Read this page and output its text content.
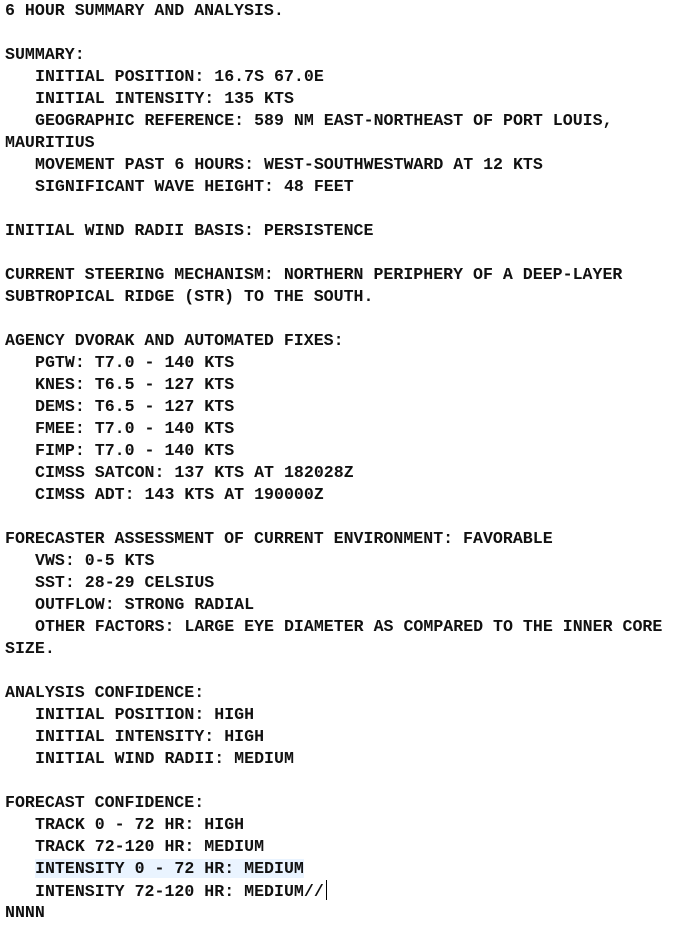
6 HOUR SUMMARY AND ANALYSIS.
SUMMARY:
INITIAL POSITION: 16.7S 67.0E
INITIAL INTENSITY: 135 KTS
GEOGRAPHIC REFERENCE: 589 NM EAST-NORTHEAST OF PORT LOUIS,
MAURITIUS
MOVEMENT PAST 6 HOURS: WEST-SOUTHWESTWARD AT 12 KTS
SIGNIFICANT WAVE HEIGHT: 48 FEET
INITIAL WIND RADII BASIS: PERSISTENCE
CURRENT STEERING MECHANISM: NORTHERN PERIPHERY OF A DEEP-LAYER
SUBTROPICAL RIDGE (STR) TO THE SOUTH.
AGENCY DVORAK AND AUTOMATED FIXES:
PGTW: T7.0 - 140 KTS
KNES: T6.5 - 127 KTS
DEMS: T6.5 - 127 KTS
FMEE: T7.0 - 140 KTS
FIMP: T7.0 - 140 KTS
CIMSS SATCON: 137 KTS AT 182028Z
CIMSS ADT: 143 KTS AT 190000Z
FORECASTER ASSESSMENT OF CURRENT ENVIRONMENT: FAVORABLE
VWS: 0-5 KTS
SST: 28-29 CELSIUS
OUTFLOW: STRONG RADIAL
OTHER FACTORS: LARGE EYE DIAMETER AS COMPARED TO THE INNER CORE
SIZE.
ANALYSIS CONFIDENCE:
INITIAL POSITION: HIGH
INITIAL INTENSITY: HIGH
INITIAL WIND RADII: MEDIUM
FORECAST CONFIDENCE:
TRACK 0 - 72 HR: HIGH
TRACK 72-120 HR: MEDIUM
INTENSITY 0 - 72 HR: MEDIUM
INTENSITY 72-120 HR: MEDIUM//
NNNN
